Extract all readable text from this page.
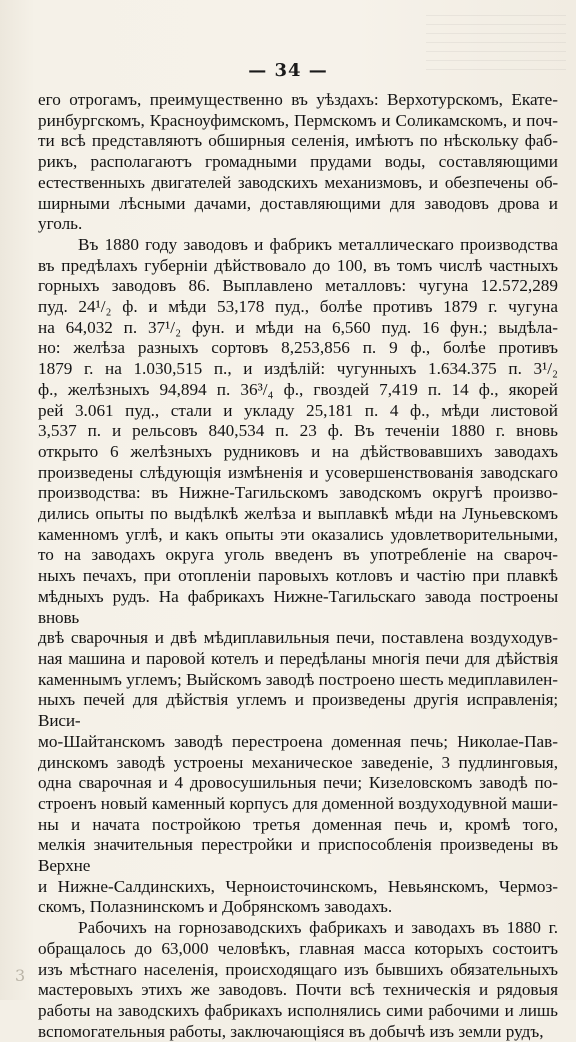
— 34 —

его отрогамъ, преимущественно въ уѣздахъ: Верхотурскомъ, Екате-

ринбургскомъ, Красноуфимскомъ, Пермскомъ и Соликамскомъ, и поч-

ти всѣ представляютъ обширныя селенія, имѣютъ по нѣскольку фаб-

рикъ, располагаютъ громадными прудами воды, составляющими

естественныхъ двигателей заводскихъ механизмовъ, и обезпечены об-

ширными лѣсными дачами, доставляющими для заводовъ дрова и

уголь.

Въ 1880 году заводовъ и фабрикъ металлическаго производства

въ предѣлахъ губерніи дѣйствовало до 100, въ томъ числѣ частныхъ

горныхъ заводовъ 86. Выплавлено металловъ: чугуна 12.572,289

пуд. 24¹/₂ ф. и мѣди 53,178 пуд., болѣе противъ 1879 г. чугуна

на 64,032 п. 37¹/₂ фун. и мѣди на 6,560 пуд. 16 фун.; выдѣла-

но: желѣза разныхъ сортовъ 8,253,856 п. 9 ф., болѣе противъ

1879 г. на 1.030,515 п., и издѣлій: чугунныхъ 1.634.375 п. 3¹/₂

ф., желѣзныхъ 94,894 п. 36³/₄ ф., гвоздей 7,419 п. 14 ф., якорей

рей 3.061 пуд., стали и укладу 25,181 п. 4 ф., мѣди листовой

3,537 п. и рельсовъ 840,534 п. 23 ф. Въ теченіи 1880 г. вновь

открыто 6 желѣзныхъ рудниковъ и на дѣйствовавшихъ заводахъ

произведены слѣдующія измѣненія и усовершенствованія заводскаго

производства: въ Нижне-Тагильскомъ заводскомъ округѣ произво-

дились опыты по выдѣлкѣ желѣза и выплавкѣ мѣди на Луньевскомъ

каменномъ углѣ, и какъ опыты эти оказались удовлетворительными,

то на заводахъ округа уголь введенъ въ употребленіе на свароч-

ныхъ печахъ, при отопленіи паровыхъ котловъ и частію при плавкѣ

мѣдныхъ рудъ. На фабрикахъ Нижне-Тагильскаго завода построены вновь

двѣ сварочныя и двѣ мѣдиплавильныя печи, поставлена воздуходув-

ная машина и паровой котелъ и передѣланы многія печи для дѣйствія

каменнымъ углемъ; Выйскомъ заводѣ построено шесть медиплавилен-

ныхъ печей для дѣйствія углемъ и произведены другія исправленія; Виси-

мо-Шайтанскомъ заводѣ перестроена доменная печь; Николае-Пав-

динскомъ заводѣ устроены механическое заведеніе, 3 пудлинговыя,

одна сварочная и 4 дровосушильныя печи; Кизеловскомъ заводѣ по-

строенъ новый каменный корпусъ для доменной воздуходувной маши-

ны и начата постройкою третья доменная печь и, кромѣ того,

мелкія значительныя перестройки и приспособленія произведены въ Верхне

и Нижне-Салдинскихъ, Черноисточинскомъ, Невьянскомъ, Чермоз-

скомъ, Полазнинскомъ и Добрянскомъ заводахъ.

Рабочихъ на горнозаводскихъ фабрикахъ и заводахъ въ 1880 г.

обращалось до 63,000 человѣкъ, главная масса которыхъ состоитъ

изъ мѣстнаго населенія, происходящаго изъ бывшихъ обязательныхъ

мастеровыхъ этихъ же заводовъ. Почти всѣ техническія и рядовыя

работы на заводскихъ фабрикахъ исполнялись сими рабочими и лишь

вспомогательныя работы, заключающіяся въ добычѣ изъ земли рудъ,

3
